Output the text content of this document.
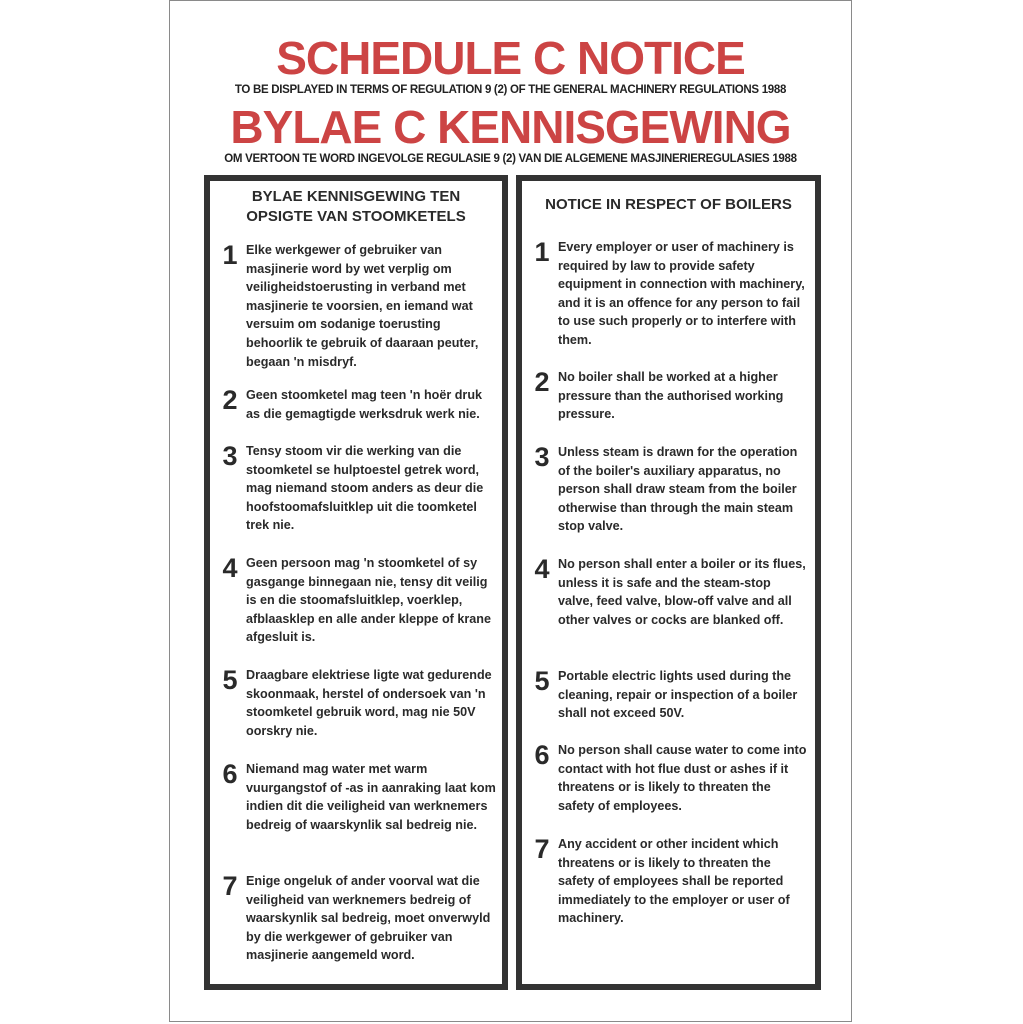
SCHEDULE C NOTICE
TO BE DISPLAYED IN TERMS OF REGULATION 9 (2) OF THE GENERAL MACHINERY REGULATIONS 1988
BYLAE C KENNISGEWING
OM VERTOON TE WORD INGEVOLGE REGULASIE 9 (2) VAN DIE ALGEMENE MASJINERIEREGULASIES 1988
BYLAE KENNISGEWING TEN OPSIGTE VAN STOOMKETELS
1 Elke werkgewer of gebruiker van masjinerie word by wet verplig om veiligheidstoerusting in verband met masjinerie te voorsien, en iemand wat versuim om sodanige toerusting behoorlik te gebruik of daaraan peuter, begaan 'n misdryf.
2 Geen stoomketel mag teen 'n hoër druk as die gemagtigde werksdruk werk nie.
3 Tensy stoom vir die werking van die stoomketel se hulptoestel getrek word, mag niemand stoom anders as deur die hoofstoomafsluitklep uit die toomketel trek nie.
4 Geen persoon mag 'n stoomketel of sy gasgange binnegaan nie, tensy dit veilig is en die stoomafsluitklep, voerklep, afblaasklep en alle ander kleppe of krane afgesluit is.
5 Draagbare elektriese ligte wat gedurende skoonmaak, herstel of ondersoek van 'n stoomketel gebruik word, mag nie 50V oorskry nie.
6 Niemand mag water met warm vuurgangstof of -as in aanraking laat kom indien dit die veiligheid van werknemers bedreig of waarskynlik sal bedreig nie.
7 Enige ongeluk of ander voorval wat die veiligheid van werknemers bedreig of waarskynlik sal bedreig, moet onverwyld by die werkgewer of gebruiker van masjinerie aangemeld word.
NOTICE IN RESPECT OF BOILERS
1 Every employer or user of machinery is required by law to provide safety equipment in connection with machinery, and it is an offence for any person to fail to use such properly or to interfere with them.
2 No boiler shall be worked at a higher pressure than the authorised working pressure.
3 Unless steam is drawn for the operation of the boiler's auxiliary apparatus, no person shall draw steam from the boiler otherwise than through the main steam stop valve.
4 No person shall enter a boiler or its flues, unless it is safe and the steam-stop valve, feed valve, blow-off valve and all other valves or cocks are blanked off.
5 Portable electric lights used during the cleaning, repair or inspection of a boiler shall not exceed 50V.
6 No person shall cause water to come into contact with hot flue dust or ashes if it threatens or is likely to threaten the safety of employees.
7 Any accident or other incident which threatens or is likely to threaten the safety of employees shall be reported immediately to the employer or user of machinery.
